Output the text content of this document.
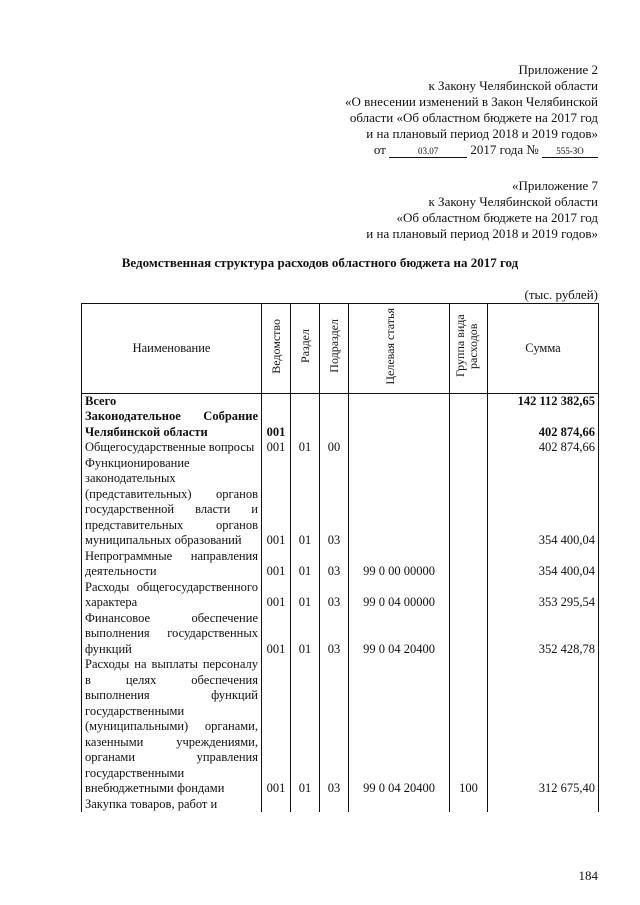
Приложение 2
к Закону Челябинской области
«О внесении изменений в Закон Челябинской
области «Об областном бюджете на 2017 год
и на плановый период 2018 и 2019 годов»
от	03.07 2017 года № 555-ЗО
«Приложение 7
к Закону Челябинской области
«Об областном бюджете на 2017 год
и на плановый период 2018 и 2019 годов»
Ведомственная структура расходов областного бюджета на 2017 год
(тыс. рублей)
Наименование	Ведомство	Раздел	Подраздел	Целевая статья	Группа вида расходов	Сумма
Всего						142 112 382,65
Законодательное Собрание Челябинской области	001					402 874,66
Общегосударственные вопросы	001	01	00			402 874,66
Функционирование законодательных (представительных) органов государственной власти и представительных органов муниципальных образований	001	01	03			354 400,04
Непрограммные направления деятельности	001	01	03	99 0 00 00000		354 400,04
Расходы общегосударственного характера	001	01	03	99 0 04 00000		353 295,54
Финансовое обеспечение выполнения государственных функций	001	01	03	99 0 04 20400		352 428,78
Расходы на выплаты персоналу в целях обеспечения выполнения функций государственными (муниципальными) органами, казенными учреждениями, органами управления государственными внебюджетными фондами	001	01	03	99 0 04 20400	100	312 675,40
Закупка товаров, работ и						
184
